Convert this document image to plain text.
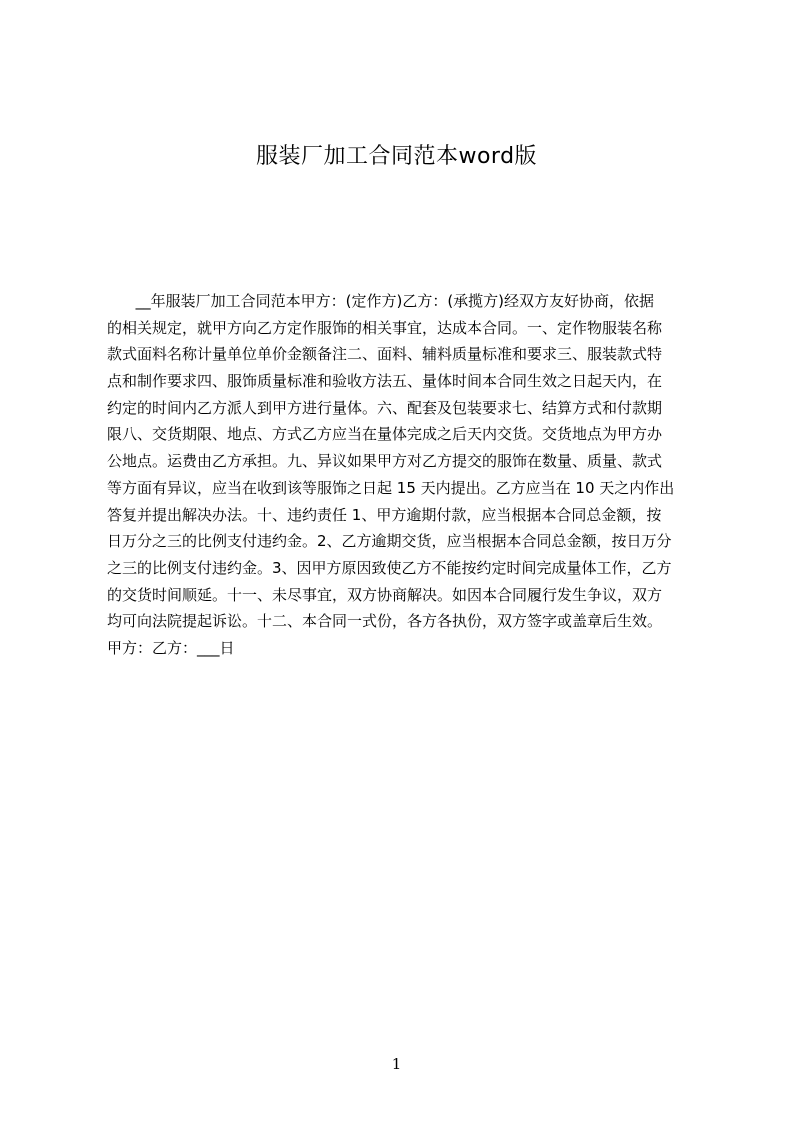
服装厂加工合同范本word版
__年服装厂加工合同范本甲方：(定作方)乙方：(承揽方)经双方友好协商，依据
的相关规定，就甲方向乙方定作服饰的相关事宜，达成本合同。一、定作物服装名称
款式面料名称计量单位单价金额备注二、面料、辅料质量标准和要求三、服装款式特
点和制作要求四、服饰质量标准和验收方法五、量体时间本合同生效之日起天内，在
约定的时间内乙方派人到甲方进行量体。六、配套及包装要求七、结算方式和付款期
限八、交货期限、地点、方式乙方应当在量体完成之后天内交货。交货地点为甲方办
公地点。运费由乙方承担。九、异议如果甲方对乙方提交的服饰在数量、质量、款式
等方面有异议，应当在收到该等服饰之日起 15 天内提出。乙方应当在 10 天之内作出
答复并提出解决办法。十、违约责任 1、甲方逾期付款，应当根据本合同总金额，按
日万分之三的比例支付违约金。2、乙方逾期交货，应当根据本合同总金额，按日万分
之三的比例支付违约金。3、因甲方原因致使乙方不能按约定时间完成量体工作，乙方
的交货时间顺延。十一、未尽事宜，双方协商解决。如因本合同履行发生争议，双方
均可向法院提起诉讼。十二、本合同一式份，各方各执份，双方签字或盖章后生效。
甲方：乙方：___日
1
